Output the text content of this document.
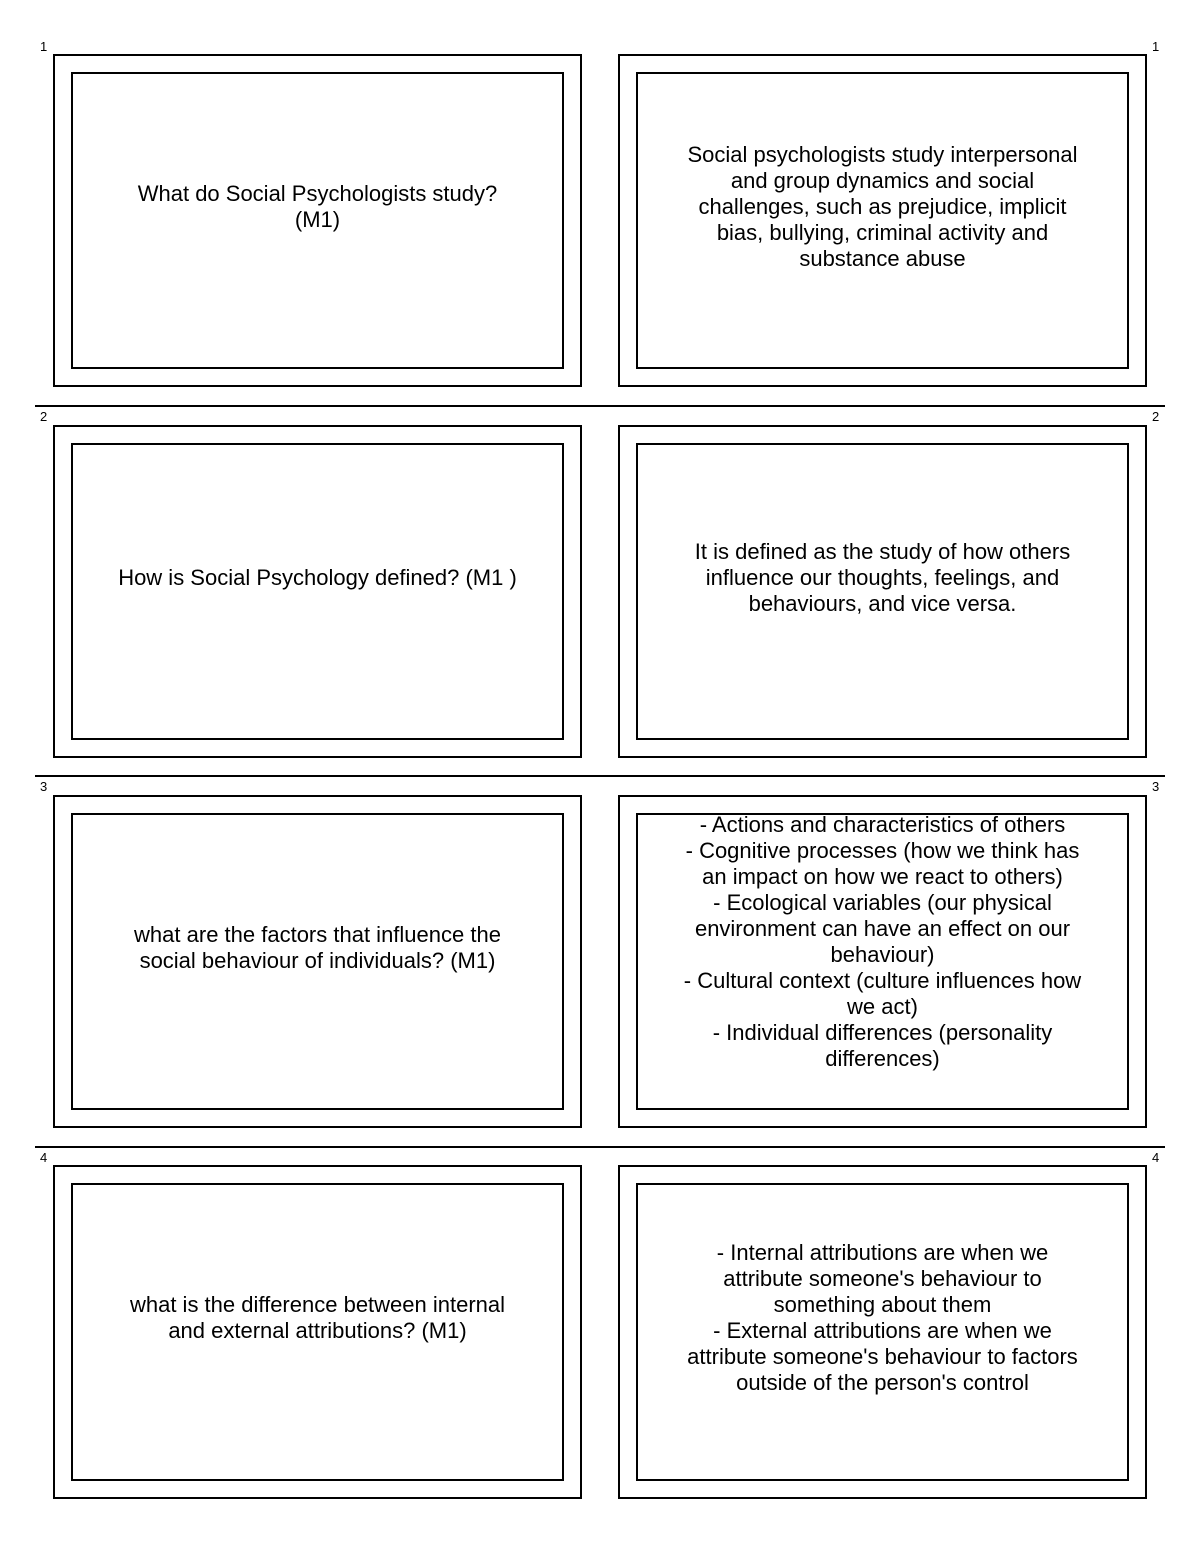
1	1
What do Social Psychologists study?
(M1)
Social psychologists study interpersonal
and group dynamics and social
challenges, such as prejudice, implicit
bias, bullying, criminal activity and
substance abuse
2	2
How is Social Psychology defined? (M1 )
It is defined as the study of how others
influence our thoughts, feelings, and
behaviours, and vice versa.
3	3
what are the factors that influence the
social behaviour of individuals? (M1)
- Actions and characteristics of others
- Cognitive processes (how we think has
an impact on how we react to others)
- Ecological variables (our physical
environment can have an effect on our
behaviour)
- Cultural context (culture influences how
we act)
- Individual differences (personality
differences)
4	4
what is the difference between internal
and external attributions? (M1)
- Internal attributions are when we
attribute someone's behaviour to
something about them
- External attributions are when we
attribute someone's behaviour to factors
outside of the person's control
